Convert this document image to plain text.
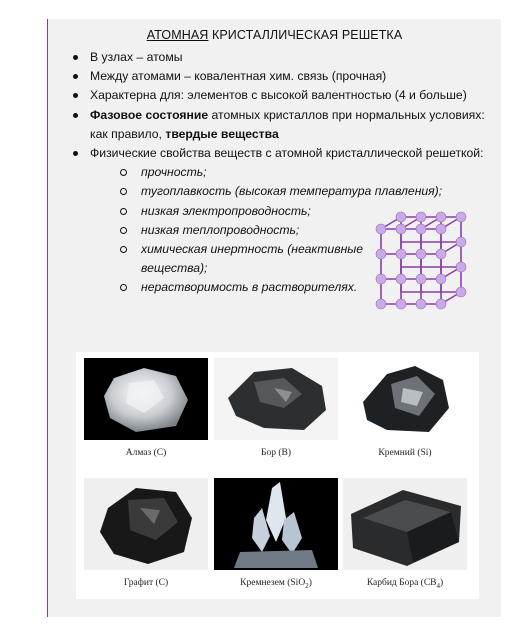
АТОМНАЯ КРИСТАЛЛИЧЕСКАЯ РЕШЕТКА
В узлах – атомы
Между атомами – ковалентная хим. связь (прочная)
Характерна для: элементов с высокой валентностью (4 и больше)
Фазовое состояние атомных кристаллов при нормальных условиях: как правило, твердые вещества
Физические свойства веществ с атомной кристаллической решеткой:
прочность;
тугоплавкость (высокая температура плавления);
низкая электропроводность;
низкая теплопроводность;
химическая инертность (неактивные вещества);
нерастворимость в растворителях.
Алмаз (С)	Бор (В)	Кремний (Si)
Графит (С)	Кремнезем (SiO$_2$)	Карбид Бора $(CB_4)$
